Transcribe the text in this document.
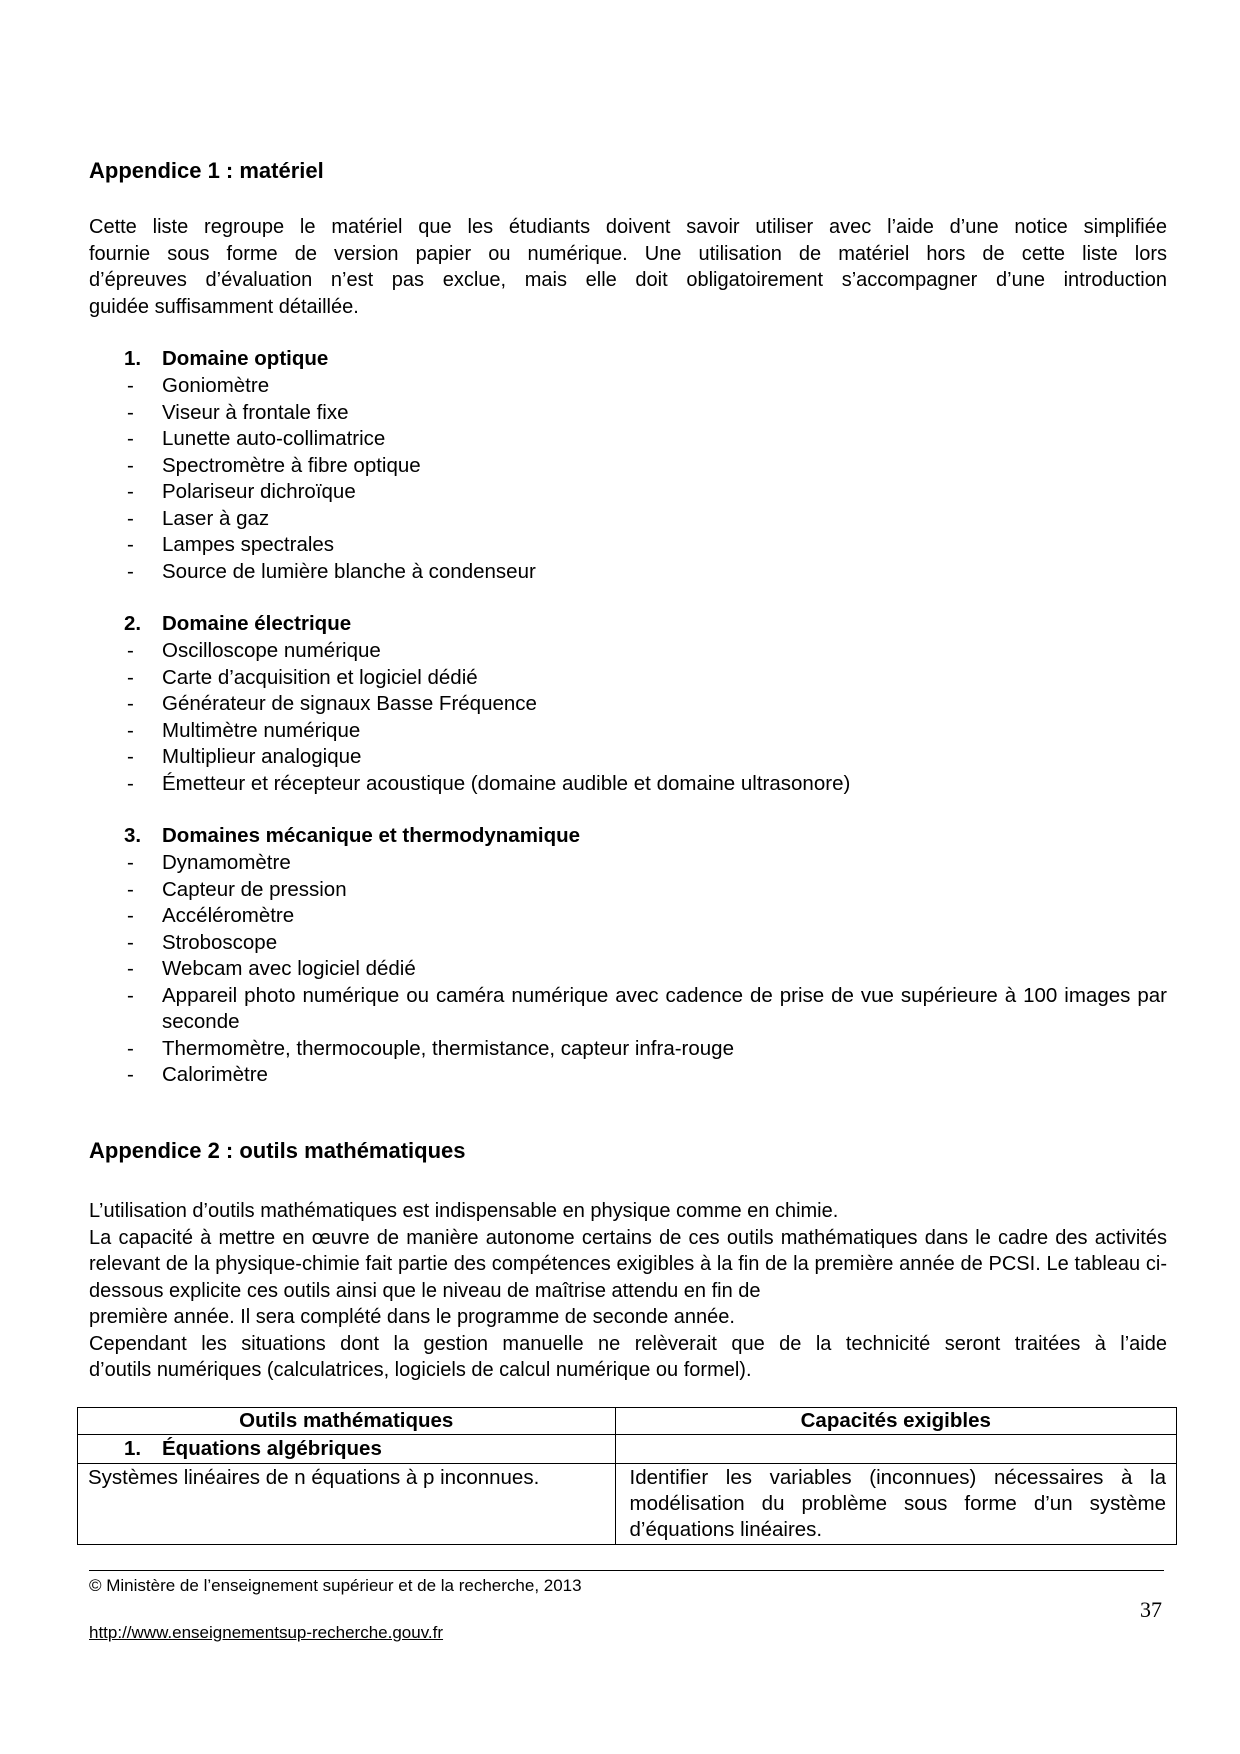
Appendice 1 : matériel
Cette liste regroupe le matériel que les étudiants doivent savoir utiliser avec l’aide d’une notice simplifiée
fournie sous forme de version papier ou numérique. Une utilisation de matériel hors de cette liste lors
d’épreuves d’évaluation n’est pas exclue, mais elle doit obligatoirement s’accompagner d’une introduction
guidée suffisamment détaillée.
1. Domaine optique
- Goniomètre
- Viseur à frontale fixe
- Lunette auto-collimatrice
- Spectromètre à fibre optique
- Polariseur dichroïque
- Laser à gaz
- Lampes spectrales
- Source de lumière blanche à condenseur
2. Domaine électrique
- Oscilloscope numérique
- Carte d’acquisition et logiciel dédié
- Générateur de signaux Basse Fréquence
- Multimètre numérique
- Multiplieur analogique
- Émetteur et récepteur acoustique (domaine audible et domaine ultrasonore)
3. Domaines mécanique et thermodynamique
- Dynamomètre
- Capteur de pression
- Accéléromètre
- Stroboscope
- Webcam avec logiciel dédié
- Appareil photo numérique ou caméra numérique avec cadence de prise de vue supérieure à 100 images par seconde
- Thermomètre, thermocouple, thermistance, capteur infra-rouge
- Calorimètre
Appendice 2 : outils mathématiques

L’utilisation d’outils mathématiques est indispensable en physique comme en chimie.

La capacité à mettre en œuvre de manière autonome certains de ces outils mathématiques dans le cadre des activités relevant de la physique-chimie fait partie des compétences exigibles à la fin de la première année de PCSI. Le tableau ci-dessous explicite ces outils ainsi que le niveau de maîtrise attendu en fin de

première année. Il sera complété dans le programme de seconde année.

Cependant les situations dont la gestion manuelle ne relèverait que de la technicité seront traitées à l’aide

d’outils numériques (calculatrices, logiciels de calcul numérique ou formel).

Outils mathématiques	Capacités exigibles
1. Équations algébriques	
Systèmes linéaires de n équations à p inconnues.	Identifier les variables (inconnues) nécessaires à la modélisation du problème sous forme d’un système d’équations linéaires.
© Ministère de l’enseignement supérieur et de la recherche, 2013
37
http://www.enseignementsup-recherche.gouv.fr
